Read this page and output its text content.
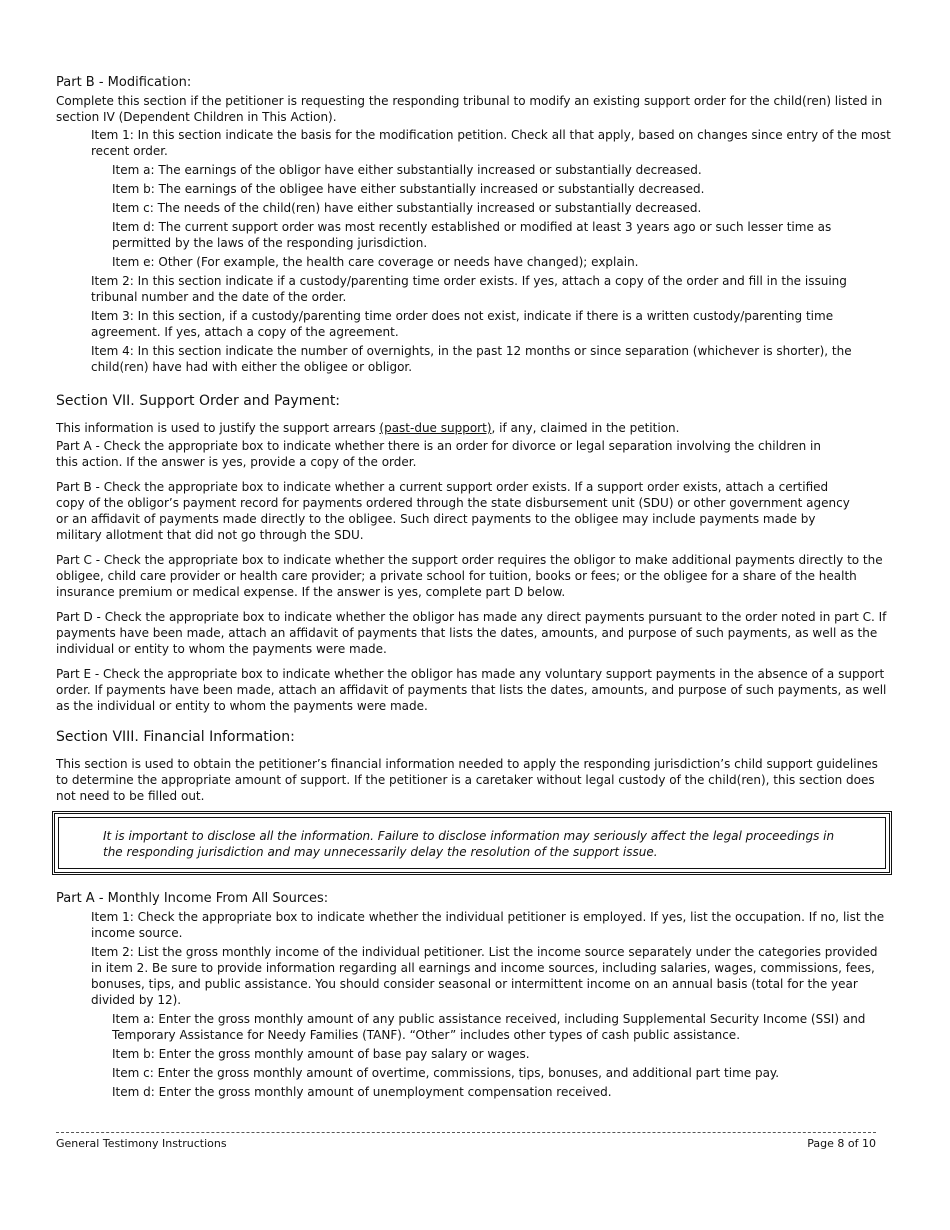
Part B - Modification:

Complete this section if the petitioner is requesting the responding tribunal to modify an existing support order for the child(ren) listed in section IV (Dependent Children in This Action).

Item 1: In this section indicate the basis for the modification petition. Check all that apply, based on changes since entry of the most recent order.

Item a: The earnings of the obligor have either substantially increased or substantially decreased.

Item b: The earnings of the obligee have either substantially increased or substantially decreased.

Item c: The needs of the child(ren) have either substantially increased or substantially decreased.

Item d: The current support order was most recently established or modified at least 3 years ago or such lesser time as permitted by the laws of the responding jurisdiction.

Item e: Other (For example, the health care coverage or needs have changed); explain.

Item 2: In this section indicate if a custody/parenting time order exists. If yes, attach a copy of the order and fill in the issuing tribunal number and the date of the order.

Item 3: In this section, if a custody/parenting time order does not exist, indicate if there is a written custody/parenting time agreement. If yes, attach a copy of the agreement.

Item 4: In this section indicate the number of overnights, in the past 12 months or since separation (whichever is shorter), the child(ren) have had with either the obligee or obligor.

Section VII. Support Order and Payment:

This information is used to justify the support arrears (past-due support), if any, claimed in the petition.

Part A - Check the appropriate box to indicate whether there is an order for divorce or legal separation involving the children in this action. If the answer is yes, provide a copy of the order.

Part B - Check the appropriate box to indicate whether a current support order exists. If a support order exists, attach a certified copy of the obligor’s payment record for payments ordered through the state disbursement unit (SDU) or other government agency or an affidavit of payments made directly to the obligee. Such direct payments to the obligee may include payments made by military allotment that did not go through the SDU.

Part C - Check the appropriate box to indicate whether the support order requires the obligor to make additional payments directly to the obligee, child care provider or health care provider; a private school for tuition, books or fees; or the obligee for a share of the health insurance premium or medical expense. If the answer is yes, complete part D below.

Part D - Check the appropriate box to indicate whether the obligor has made any direct payments pursuant to the order noted in part C. If payments have been made, attach an affidavit of payments that lists the dates, amounts, and purpose of such payments, as well as the individual or entity to whom the payments were made.

Part E - Check the appropriate box to indicate whether the obligor has made any voluntary support payments in the absence of a support order. If payments have been made, attach an affidavit of payments that lists the dates, amounts, and purpose of such payments, as well as the individual or entity to whom the payments were made.

Section VIII. Financial Information:

This section is used to obtain the petitioner’s financial information needed to apply the responding jurisdiction’s child support guidelines to determine the appropriate amount of support. If the petitioner is a caretaker without legal custody of the child(ren), this section does not need to be filled out.

It is important to disclose all the information. Failure to disclose information may seriously affect the legal proceedings in the responding jurisdiction and may unnecessarily delay the resolution of the support issue.

Part A - Monthly Income From All Sources:

Item 1: Check the appropriate box to indicate whether the individual petitioner is employed. If yes, list the occupation. If no, list the income source.

Item 2: List the gross monthly income of the individual petitioner. List the income source separately under the categories provided in item 2. Be sure to provide information regarding all earnings and income sources, including salaries, wages, commissions, fees, bonuses, tips, and public assistance. You should consider seasonal or intermittent income on an annual basis (total for the year divided by 12).

Item a: Enter the gross monthly amount of any public assistance received, including Supplemental Security Income (SSI) and Temporary Assistance for Needy Families (TANF). “Other” includes other types of cash public assistance.

Item b: Enter the gross monthly amount of base pay salary or wages.

Item c: Enter the gross monthly amount of overtime, commissions, tips, bonuses, and additional part time pay.

Item d: Enter the gross monthly amount of unemployment compensation received.

General Testimony Instructions	Page 8 of 10
